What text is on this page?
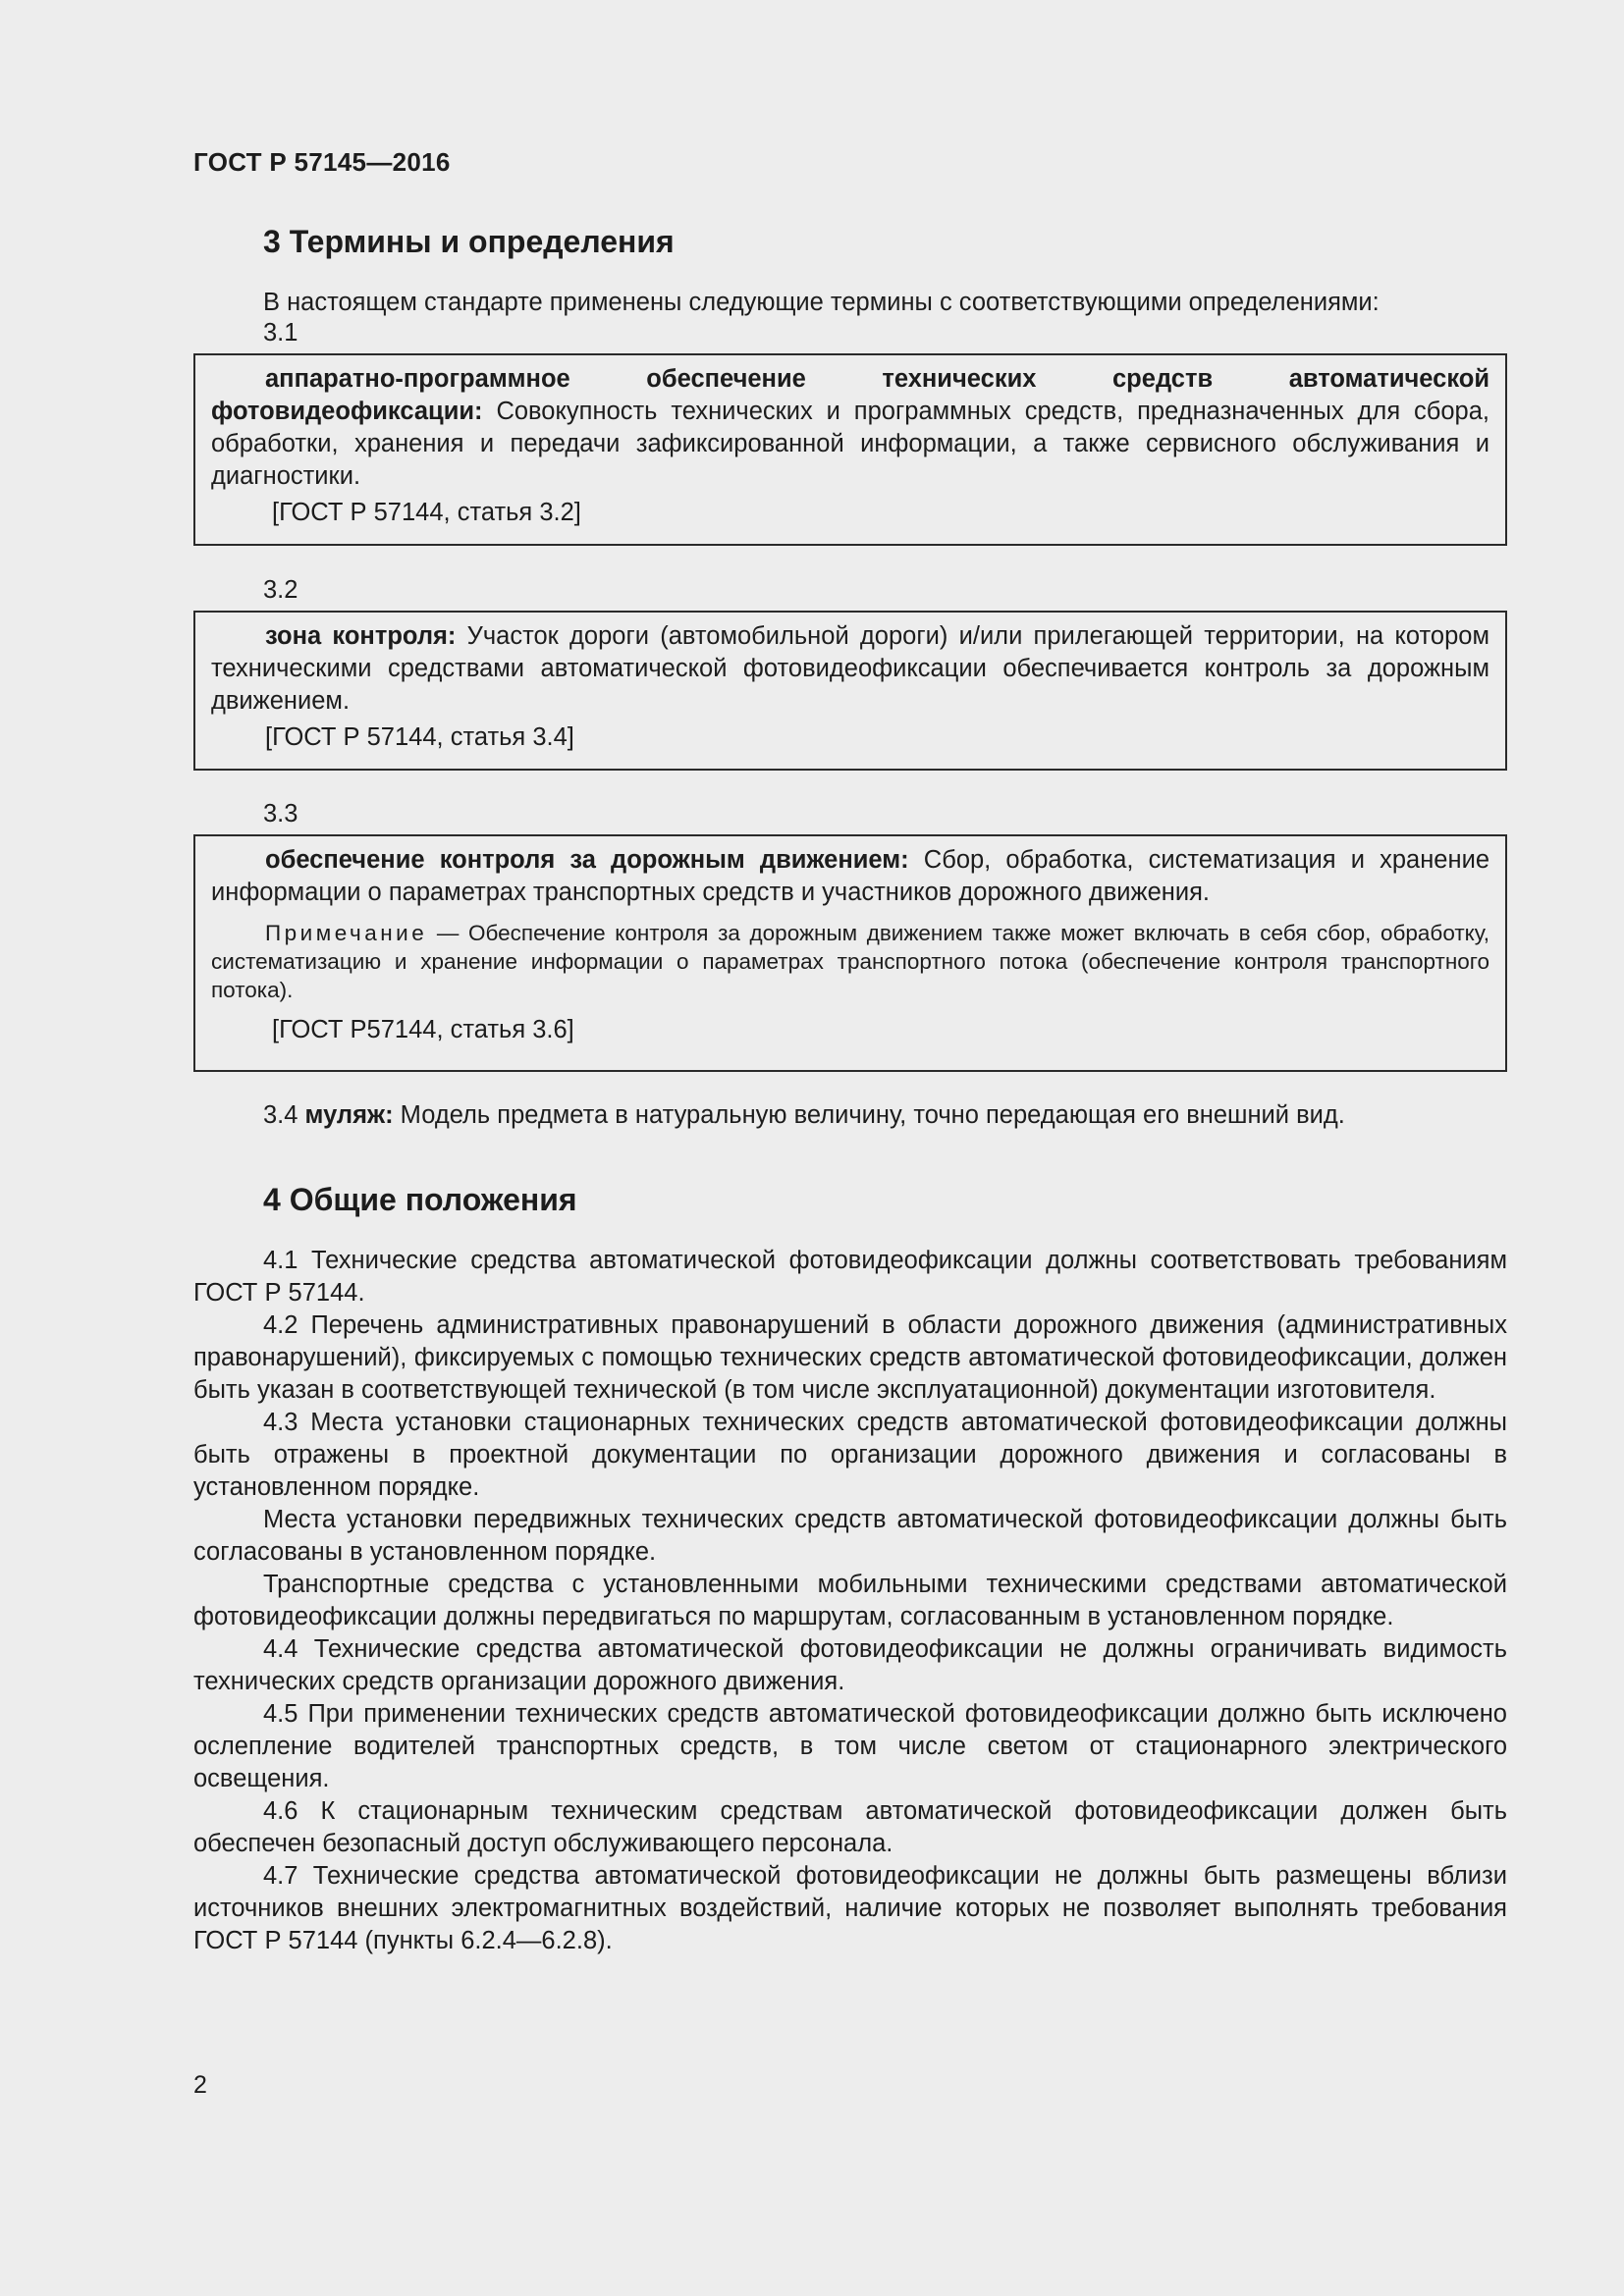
ГОСТ Р 57145—2016
3 Термины и определения
В настоящем стандарте применены следующие термины с соответствующими определениями:
3.1

аппаратно-программное обеспечение технических средств автоматической фотовидеофиксации: Совокупность технических и программных средств, предназначенных для сбора, обработки, хранения и передачи зафиксированной информации, а также сервисного обслуживания и диагностики.

[ГОСТ Р 57144, статья 3.2]

3.2

зона контроля: Участок дороги (автомобильной дороги) и/или прилегающей территории, на котором техническими средствами автоматической фотовидеофиксации обеспечивается контроль за дорожным движением.

[ГОСТ Р 57144, статья 3.4]

3.3

обеспечение контроля за дорожным движением: Сбор, обработка, систематизация и хранение информации о параметрах транспортных средств и участников дорожного движения.

Примечание — Обеспечение контроля за дорожным движением также может включать в себя сбор, обработку, систематизацию и хранение информации о параметрах транспортного потока (обеспечение контроля транспортного потока).

[ГОСТ Р57144, статья 3.6]

3.4 муляж: Модель предмета в натуральную величину, точно передающая его внешний вид.
4 Общие положения

4.1 Технические средства автоматической фотовидеофиксации должны соответствовать требованиям ГОСТ Р 57144.

4.2 Перечень административных правонарушений в области дорожного движения (административных правонарушений), фиксируемых с помощью технических средств автоматической фотовидеофиксации, должен быть указан в соответствующей технической (в том числе эксплуатационной) документации изготовителя.

4.3 Места установки стационарных технических средств автоматической фотовидеофиксации должны быть отражены в проектной документации по организации дорожного движения и согласованы в установленном порядке.

Места установки передвижных технических средств автоматической фотовидеофиксации должны быть согласованы в установленном порядке.

Транспортные средства с установленными мобильными техническими средствами автоматической фотовидеофиксации должны передвигаться по маршрутам, согласованным в установленном порядке.

4.4 Технические средства автоматической фотовидеофиксации не должны ограничивать видимость технических средств организации дорожного движения.

4.5 При применении технических средств автоматической фотовидеофиксации должно быть исключено ослепление водителей транспортных средств, в том числе светом от стационарного электрического освещения.

4.6 К стационарным техническим средствам автоматической фотовидеофиксации должен быть обеспечен безопасный доступ обслуживающего персонала.

4.7 Технические средства автоматической фотовидеофиксации не должны быть размещены вблизи источников внешних электромагнитных воздействий, наличие которых не позволяет выполнять требования ГОСТ Р 57144 (пункты 6.2.4—6.2.8).

2
